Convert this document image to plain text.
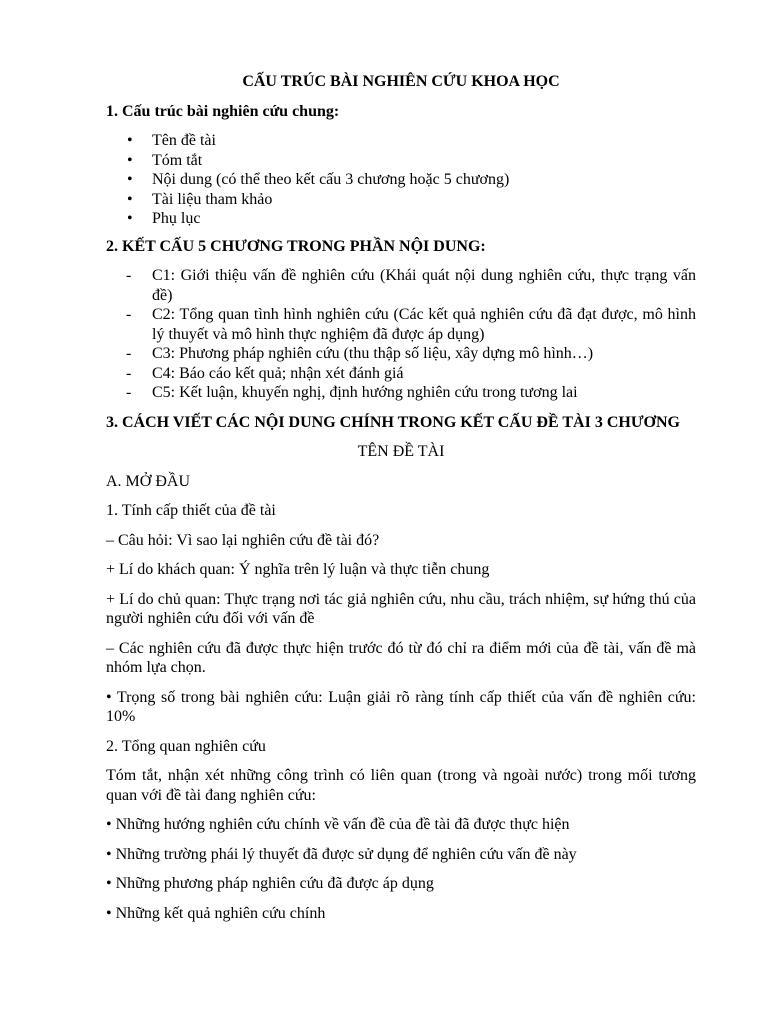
CẤU TRÚC BÀI NGHIÊN CỨU KHOA HỌC
1. Cấu trúc bài nghiên cứu chung:
• Tên đề tài
• Tóm tắt
• Nội dung (có thể theo kết cấu 3 chương hoặc 5 chương)
• Tài liệu tham khảo
• Phụ lục
2. KẾT CẤU 5 CHƯƠNG TRONG PHẦN NỘI DUNG:
- C1: Giới thiệu vấn đề nghiên cứu (Khái quát nội dung nghiên cứu, thực trạng vấn đề)
- C2: Tổng quan tình hình nghiên cứu (Các kết quả nghiên cứu đã đạt được, mô hình lý thuyết và mô hình thực nghiệm đã được áp dụng)
- C3: Phương pháp nghiên cứu (thu thập số liệu, xây dựng mô hình…)
- C4: Báo cáo kết quả; nhận xét đánh giá
- C5: Kết luận, khuyến nghị, định hướng nghiên cứu trong tương lai
3. CÁCH VIẾT CÁC NỘI DUNG CHÍNH TRONG KẾT CẤU ĐỀ TÀI 3 CHƯƠNG
TÊN ĐỀ TÀI

A. MỞ ĐẦU

1. Tính cấp thiết của đề tài

– Câu hỏi: Vì sao lại nghiên cứu đề tài đó?

+ Lí do khách quan: Ý nghĩa trên lý luận và thực tiễn chung

+ Lí do chủ quan: Thực trạng nơi tác giả nghiên cứu, nhu cầu, trách nhiệm, sự hứng thú của người nghiên cứu đối với vấn đề

– Các nghiên cứu đã được thực hiện trước đó từ đó chỉ ra điểm mới của đề tài, vấn đề mà nhóm lựa chọn.

• Trọng số trong bài nghiên cứu: Luận giải rõ ràng tính cấp thiết của vấn đề nghiên cứu: 10%

2. Tổng quan nghiên cứu

Tóm tắt, nhận xét những công trình có liên quan (trong và ngoài nước) trong mối tương quan với đề tài đang nghiên cứu:

• Những hướng nghiên cứu chính về vấn đề của đề tài đã được thực hiện

• Những trường phái lý thuyết đã được sử dụng để nghiên cứu vấn đề này

• Những phương pháp nghiên cứu đã được áp dụng

• Những kết quả nghiên cứu chính
